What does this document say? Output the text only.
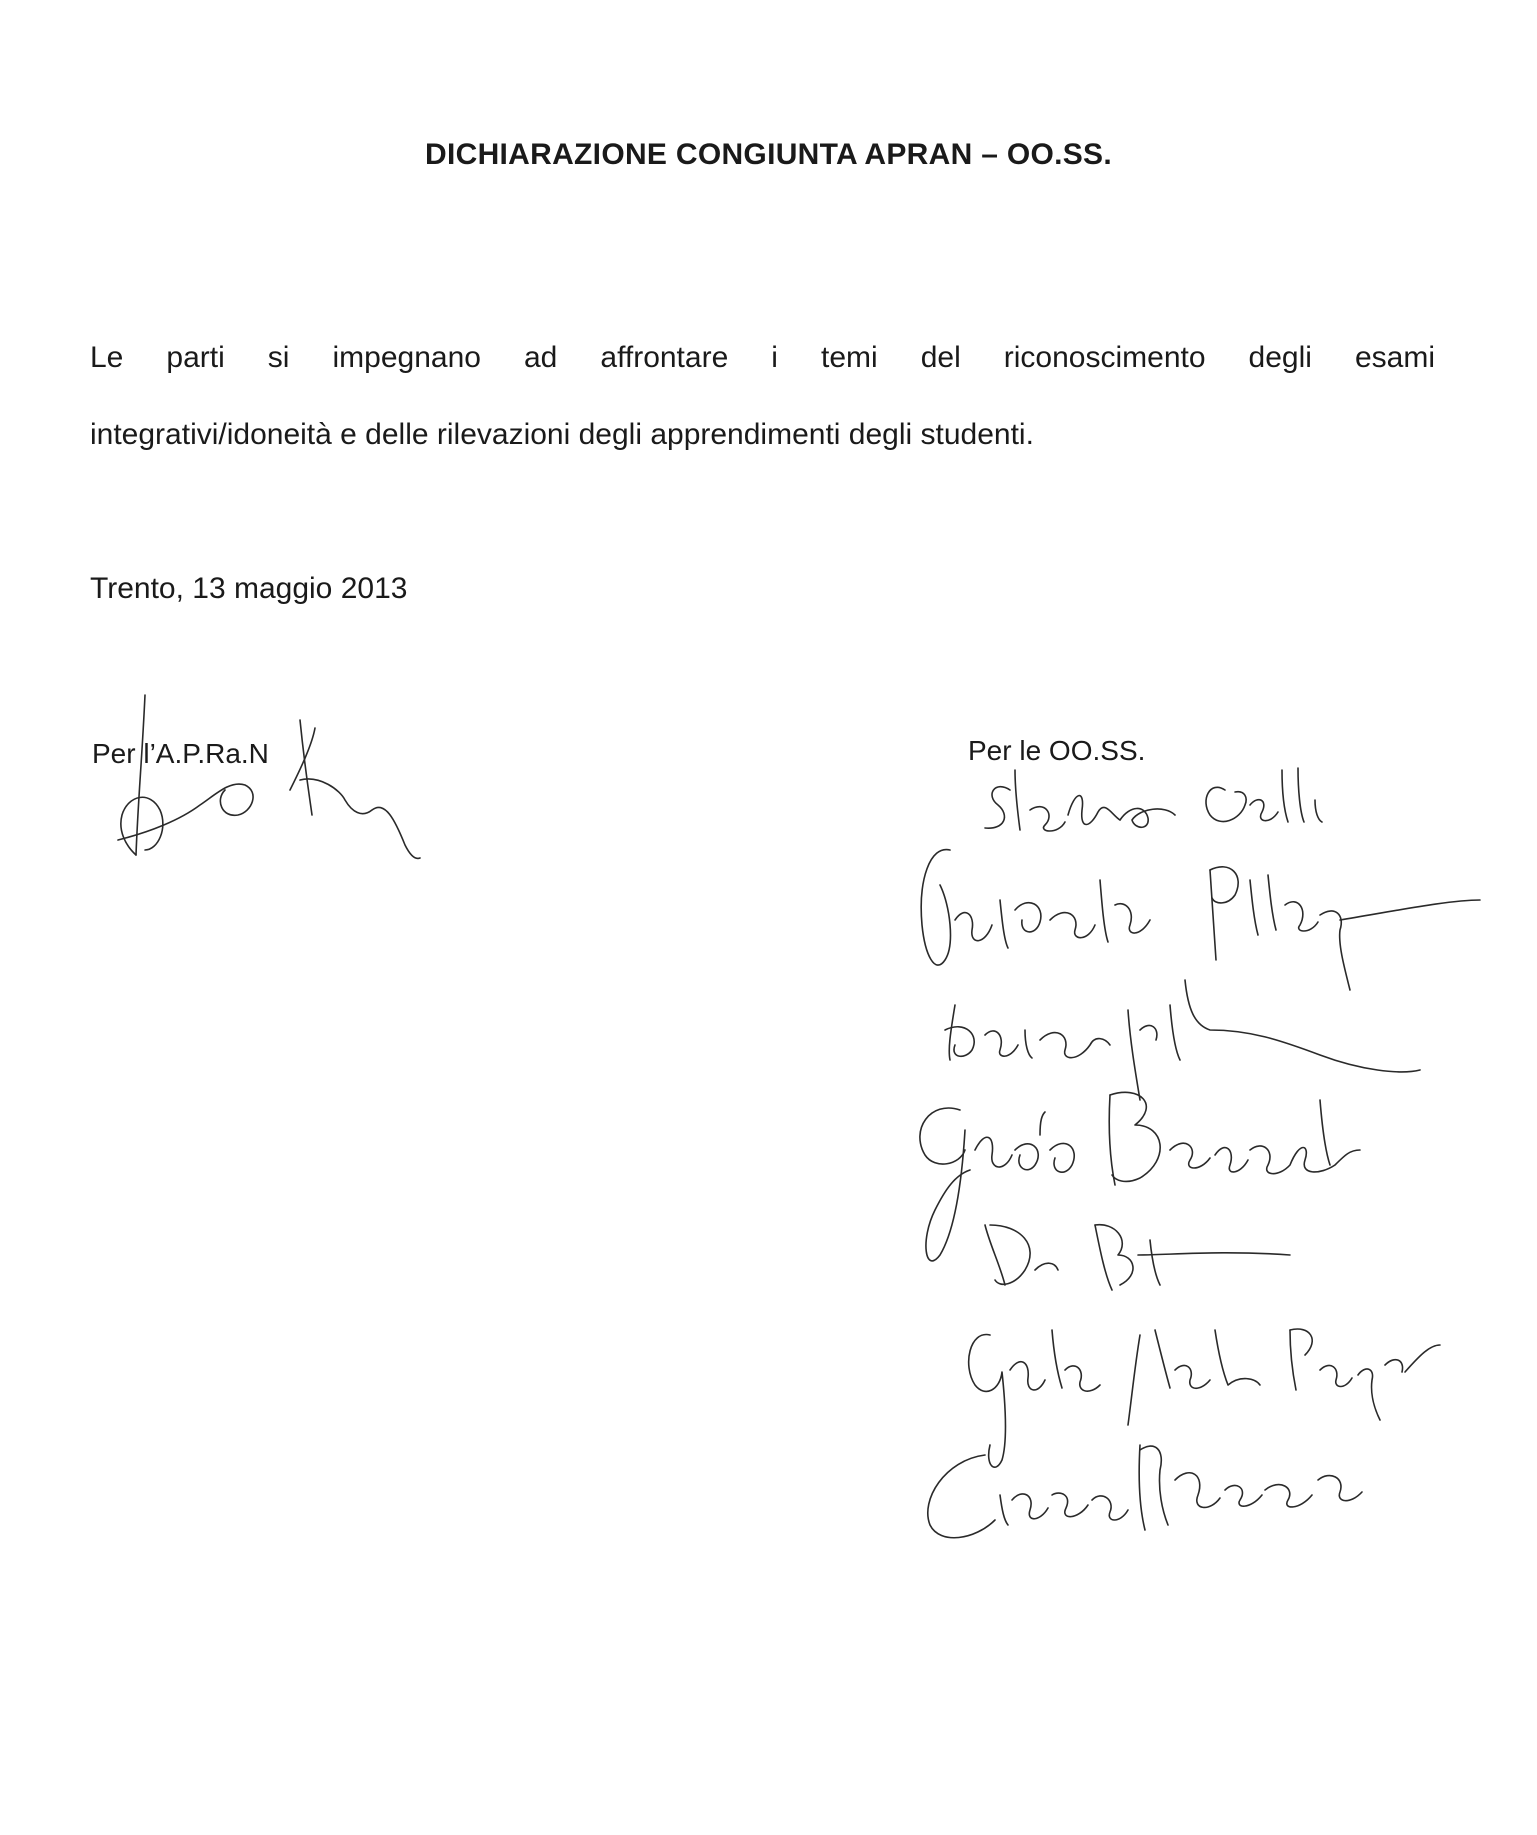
DICHIARAZIONE CONGIUNTA APRAN – OO.SS.
Le parti si impegnano ad affrontare i temi del riconoscimento degli esami
integrativi/idoneità e delle rilevazioni degli apprendimenti degli studenti.
Trento, 13 maggio 2013
Per l’A.P.Ra.N	Per le OO.SS.
